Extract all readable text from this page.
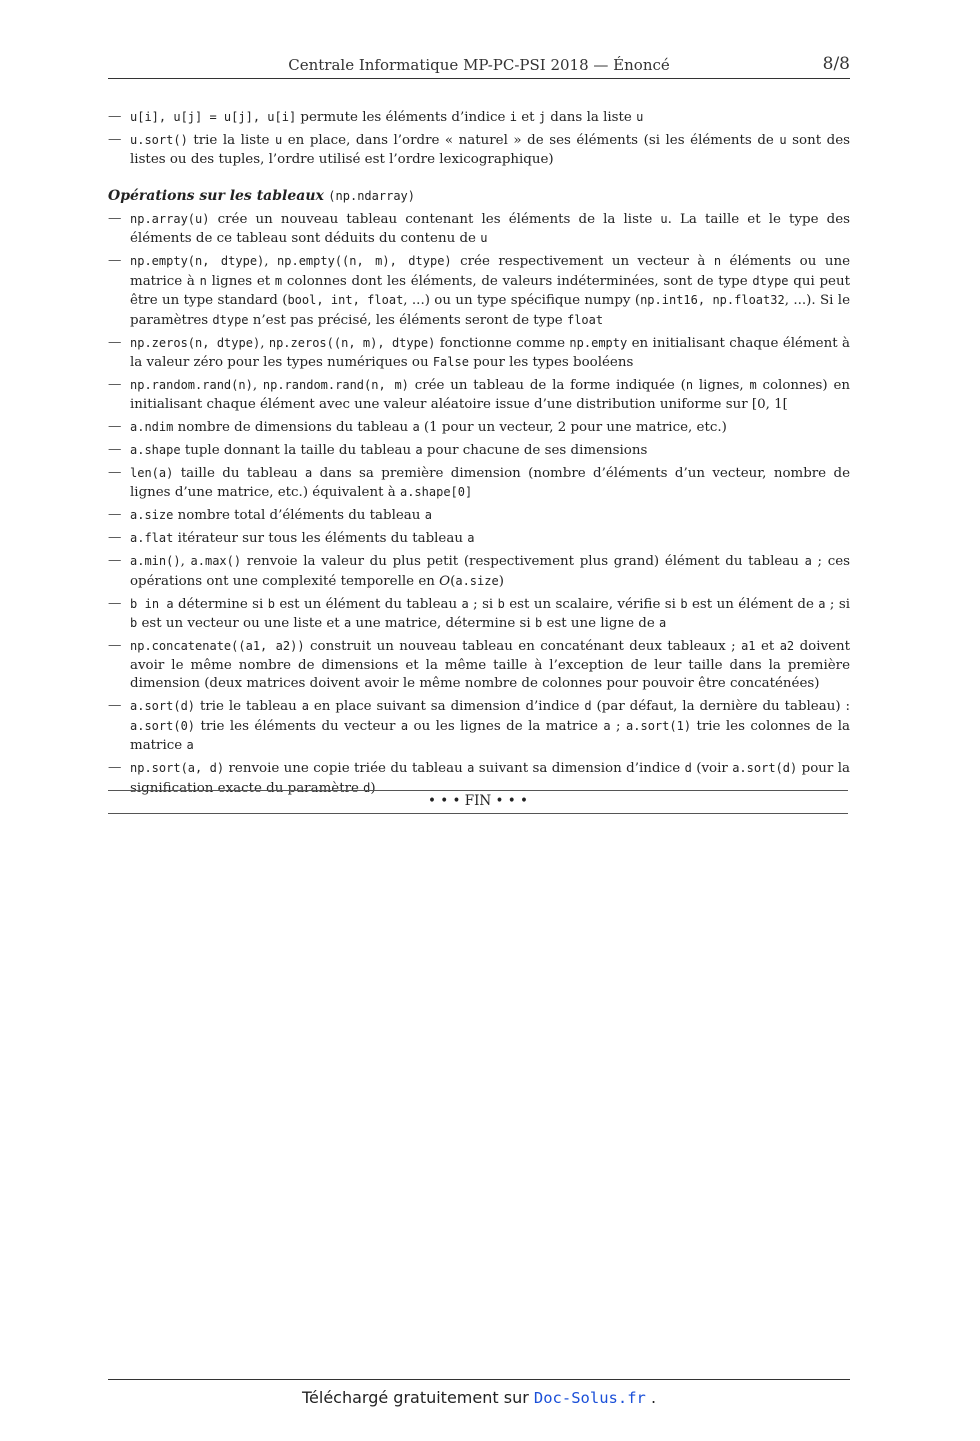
Centrale Informatique MP-PC-PSI 2018 — Énoncé	8/8
— u[i], u[j] = u[j], u[i] permute les éléments d’indice i et j dans la liste u
— u.sort() trie la liste u en place, dans l’ordre « naturel » de ses éléments (si les éléments de u sont des listes ou des tuples, l’ordre utilisé est l’ordre lexicographique)
Opérations sur les tableaux (np.ndarray)
— np.array(u) crée un nouveau tableau contenant les éléments de la liste u. La taille et le type des éléments de ce tableau sont déduits du contenu de u
— np.empty(n, dtype), np.empty((n, m), dtype) crée respectivement un vecteur à n éléments ou une matrice à n lignes et m colonnes dont les éléments, de valeurs indéterminées, sont de type dtype qui peut être un type standard (bool, int, float, ...) ou un type spécifique numpy (np.int16, np.float32, ...). Si le paramètres dtype n’est pas précisé, les éléments seront de type float
— np.zeros(n, dtype), np.zeros((n, m), dtype) fonctionne comme np.empty en initialisant chaque élément à la valeur zéro pour les types numériques ou False pour les types booléens
— np.random.rand(n), np.random.rand(n, m) crée un tableau de la forme indiquée (n lignes, m colonnes) en initialisant chaque élément avec une valeur aléatoire issue d’une distribution uniforme sur [0, 1[
— a.ndim nombre de dimensions du tableau a (1 pour un vecteur, 2 pour une matrice, etc.)
— a.shape tuple donnant la taille du tableau a pour chacune de ses dimensions
— len(a) taille du tableau a dans sa première dimension (nombre d’éléments d’un vecteur, nombre de lignes d’une matrice, etc.) équivalent à a.shape[0]
— a.size nombre total d’éléments du tableau a
— a.flat itérateur sur tous les éléments du tableau a
— a.min(), a.max() renvoie la valeur du plus petit (respectivement plus grand) élément du tableau a ; ces opérations ont une complexité temporelle en O(a.size)
— b in a détermine si b est un élément du tableau a ; si b est un scalaire, vérifie si b est un élément de a ; si b est un vecteur ou une liste et a une matrice, détermine si b est une ligne de a
— np.concatenate((a1, a2)) construit un nouveau tableau en concaténant deux tableaux ; a1 et a2 doivent avoir le même nombre de dimensions et la même taille à l’exception de leur taille dans la première dimension (deux matrices doivent avoir le même nombre de colonnes pour pouvoir être concaténées)
— a.sort(d) trie le tableau a en place suivant sa dimension d’indice d (par défaut, la dernière du tableau) : a.sort(0) trie les éléments du vecteur a ou les lignes de la matrice a ; a.sort(1) trie les colonnes de la matrice a
— np.sort(a, d) renvoie une copie triée du tableau a suivant sa dimension d’indice d (voir a.sort(d) pour la signification exacte du paramètre d)
• • • FIN • • •
Téléchargé gratuitement sur Doc-Solus.fr .
